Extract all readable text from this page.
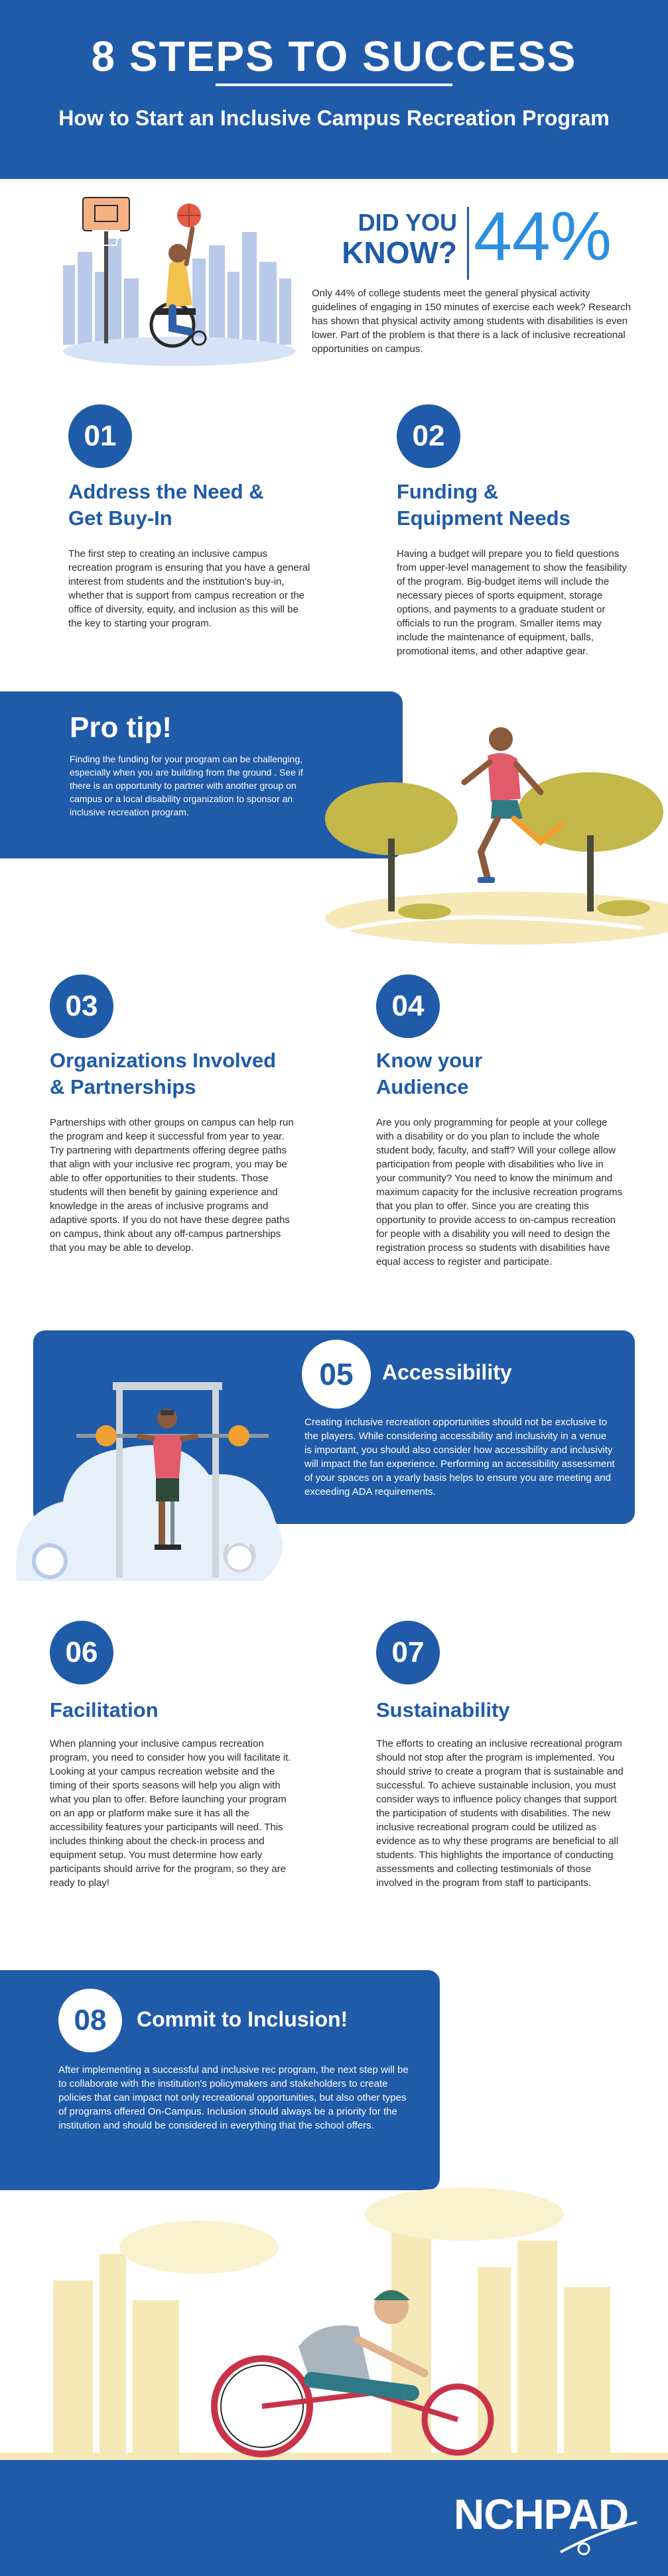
8 STEPS TO SUCCESS
How to Start an Inclusive Campus Recreation Program
DID YOU
KNOW? 44%

Only 44% of college students meet the general physical activity guidelines of engaging in 150 minutes of exercise each week? Research has shown that physical activity among students with disabilities is even lower. Part of the problem is that there is a lack of inclusive recreational opportunities on campus.

01
Address the Need &
Get Buy-In

The first step to creating an inclusive campus recreation program is ensuring that you have a general interest from students and the institution's buy-in, whether that is support from campus recreation or the office of diversity, equity, and inclusion as this will be the key to starting your program.

02
Funding &
Equipment Needs

Having a budget will prepare you to field questions from upper-level management to show the feasibility of the program. Big-budget items will include the necessary pieces of sports equipment, storage options, and payments to a graduate student or officials to run the program. Smaller items may include the maintenance of equipment, balls, promotional items, and other adaptive gear.

Pro tip!

Finding the funding for your program can be challenging, especially when you are building from the ground . See if there is an opportunity to partner with another group on campus or a local disability organization to sponsor an inclusive recreation program.

03
Organizations Involved
& Partnerships

Partnerships with other groups on campus can help run the program and keep it successful from year to year. Try partnering with departments offering degree paths that align with your inclusive rec program, you may be able to offer opportunities to their students. Those students will then benefit by gaining experience and knowledge in the areas of inclusive programs and adaptive sports. If you do not have these degree paths on campus, think about any off-campus partnerships that you may be able to develop.

04
Know your
Audience

Are you only programming for people at your college with a disability or do you plan to include the whole student body, faculty, and staff? Will your college allow participation from people with disabilities who live in your community? You need to know the minimum and maximum capacity for the inclusive recreation programs that you plan to offer. Since you are creating this opportunity to provide access to on-campus recreation for people with a disability you will need to design the registration process so students with disabilities have equal access to register and participate.

05	Accessibility

Creating inclusive recreation opportunities should not be exclusive to the players. While considering accessibility and inclusivity in a venue is important, you should also consider how accessibility and inclusivity will impact the fan experience. Performing an accessibility assessment of your spaces on a yearly basis helps to ensure you are meeting and exceeding ADA requirements.

06
Facilitation

When planning your inclusive campus recreation program, you need to consider how you will facilitate it. Looking at your campus recreation website and the timing of their sports seasons will help you align with what you plan to offer. Before launching your program on an app or platform make sure it has all the accessibility features your participants will need. This includes thinking about the check-in process and equipment setup. You must determine how early participants should arrive for the program, so they are ready to play!

07
Sustainability

The efforts to creating an inclusive recreational program should not stop after the program is implemented. You should strive to create a program that is sustainable and successful. To achieve sustainable inclusion, you must consider ways to influence policy changes that support the participation of students with disabilities. The new inclusive recreational program could be utilized as evidence as to why these programs are beneficial to all students. This highlights the importance of conducting assessments and collecting testimonials of those involved in the program from staff to participants.

08	Commit to Inclusion!

After implementing a successful and inclusive rec program, the next step will be to collaborate with the institution's policymakers and stakeholders to create policies that can impact not only recreational opportunities, but also other types of programs offered On-Campus. Inclusion should always be a priority for the institution and should be considered in everything that the school offers.

NCHPAD
